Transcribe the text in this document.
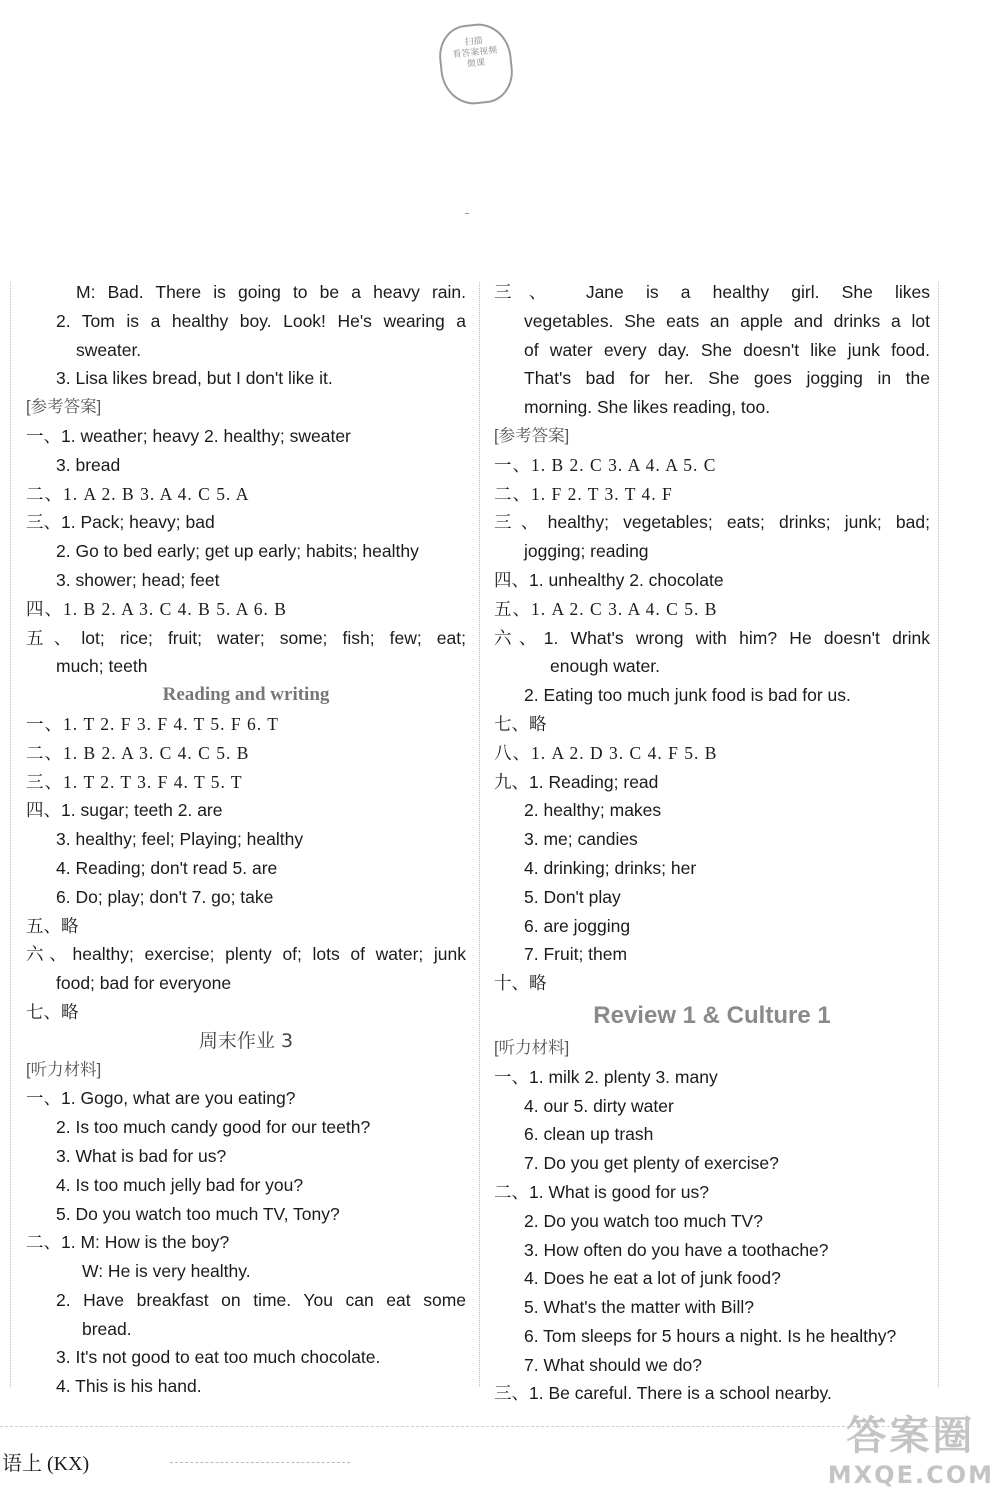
扫描
看答案视频
微课
M: Bad. There is going to be a heavy rain.
2. Tom is a healthy boy. Look! He's wearing a
sweater.
3. Lisa likes bread, but I don't like it.
[参考答案]
一、1. weather; heavy 2. healthy; sweater
3. bread
二、1. A 2. B 3. A 4. C 5. A
三、1. Pack; heavy; bad
2. Go to bed early; get up early; habits; healthy
3. shower; head; feet
四、1. B 2. A 3. C 4. B 5. A 6. B
五、lot; rice; fruit; water; some; fish; few; eat;
much; teeth
Reading and writing
一、1. T 2. F 3. F 4. T 5. F 6. T
二、1. B 2. A 3. C 4. C 5. B
三、1. T 2. T 3. F 4. T 5. T
四、1. sugar; teeth 2. are
3. healthy; feel; Playing; healthy
4. Reading; don't read 5. are
6. Do; play; don't 7. go; take
五、略
六、healthy; exercise; plenty of; lots of water; junk
food; bad for everyone
七、略
周末作业 3
[听力材料]
一、1. Gogo, what are you eating?
2. Is too much candy good for our teeth?
3. What is bad for us?
4. Is too much jelly bad for you?
5. Do you watch too much TV, Tony?
二、1. M: How is the boy?
W: He is very healthy.
2. Have breakfast on time. You can eat some
bread.
3. It's not good to eat too much chocolate.
4. This is his hand.
三、 Jane is a healthy girl. She likes
vegetables. She eats an apple and drinks a lot
of water every day. She doesn't like junk food.
That's bad for her. She goes jogging in the
morning. She likes reading, too.
[参考答案]
一、1. B 2. C 3. A 4. A 5. C
二、1. F 2. T 3. T 4. F
三、healthy; vegetables; eats; drinks; junk; bad;
jogging; reading
四、1. unhealthy 2. chocolate
五、1. A 2. C 3. A 4. C 5. B
六、1. What's wrong with him? He doesn't drink
enough water.
2. Eating too much junk food is bad for us.
七、略
八、1. A 2. D 3. C 4. F 5. B
九、1. Reading; read
2. healthy; makes
3. me; candies
4. drinking; drinks; her
5. Don't play
6. are jogging
7. Fruit; them
十、略
Review 1 & Culture 1
[听力材料]
一、1. milk 2. plenty 3. many
4. our 5. dirty water
6. clean up trash
7. Do you get plenty of exercise?
二、1. What is good for us?
2. Do you watch too much TV?
3. How often do you have a toothache?
4. Does he eat a lot of junk food?
5. What's the matter with Bill?
6. Tom sleeps for 5 hours a night. Is he healthy?
7. What should we do?
三、1. Be careful. There is a school nearby.
语上 (KX)
答案圈
MXQE.COM
